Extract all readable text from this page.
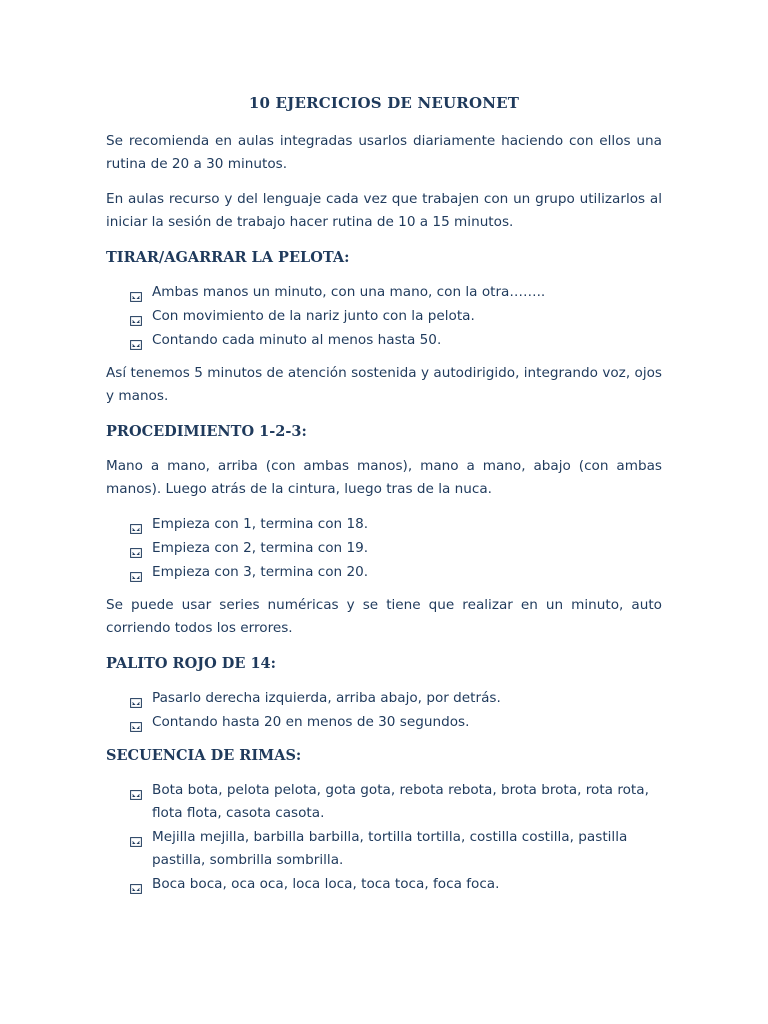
10 EJERCICIOS DE NEURONET

Se recomienda en aulas integradas usarlos diariamente haciendo con ellos una rutina de 20 a 30 minutos.

En aulas recurso y del lenguaje cada vez que trabajen con un grupo utilizarlos al iniciar la sesión de trabajo hacer rutina de 10 a 15 minutos.

TIRAR/AGARRAR LA PELOTA:
Ambas manos un minuto, con una mano, con la otra……..
Con movimiento de la nariz junto con la pelota.
Contando cada minuto al menos hasta 50.

Así tenemos 5 minutos de atención sostenida y autodirigido, integrando voz, ojos y manos.

PROCEDIMIENTO 1-2-3:

Mano a mano, arriba (con ambas manos), mano a mano, abajo (con ambas manos). Luego atrás de la cintura, luego tras de la nuca.

Empieza con 1, termina con 18.
Empieza con 2, termina con 19.
Empieza con 3, termina con 20.

Se puede usar series numéricas y se tiene que realizar en un minuto, auto corriendo todos los errores.

PALITO ROJO DE 14:
Pasarlo derecha izquierda, arriba abajo, por detrás.
Contando hasta 20 en menos de 30 segundos.
SECUENCIA DE RIMAS:
Bota bota, pelota pelota, gota gota, rebota rebota, brota brota, rota rota, flota flota, casota casota.
Mejilla mejilla, barbilla barbilla, tortilla tortilla, costilla costilla, pastilla pastilla, sombrilla sombrilla.
Boca boca, oca oca, loca loca, toca toca, foca foca.
